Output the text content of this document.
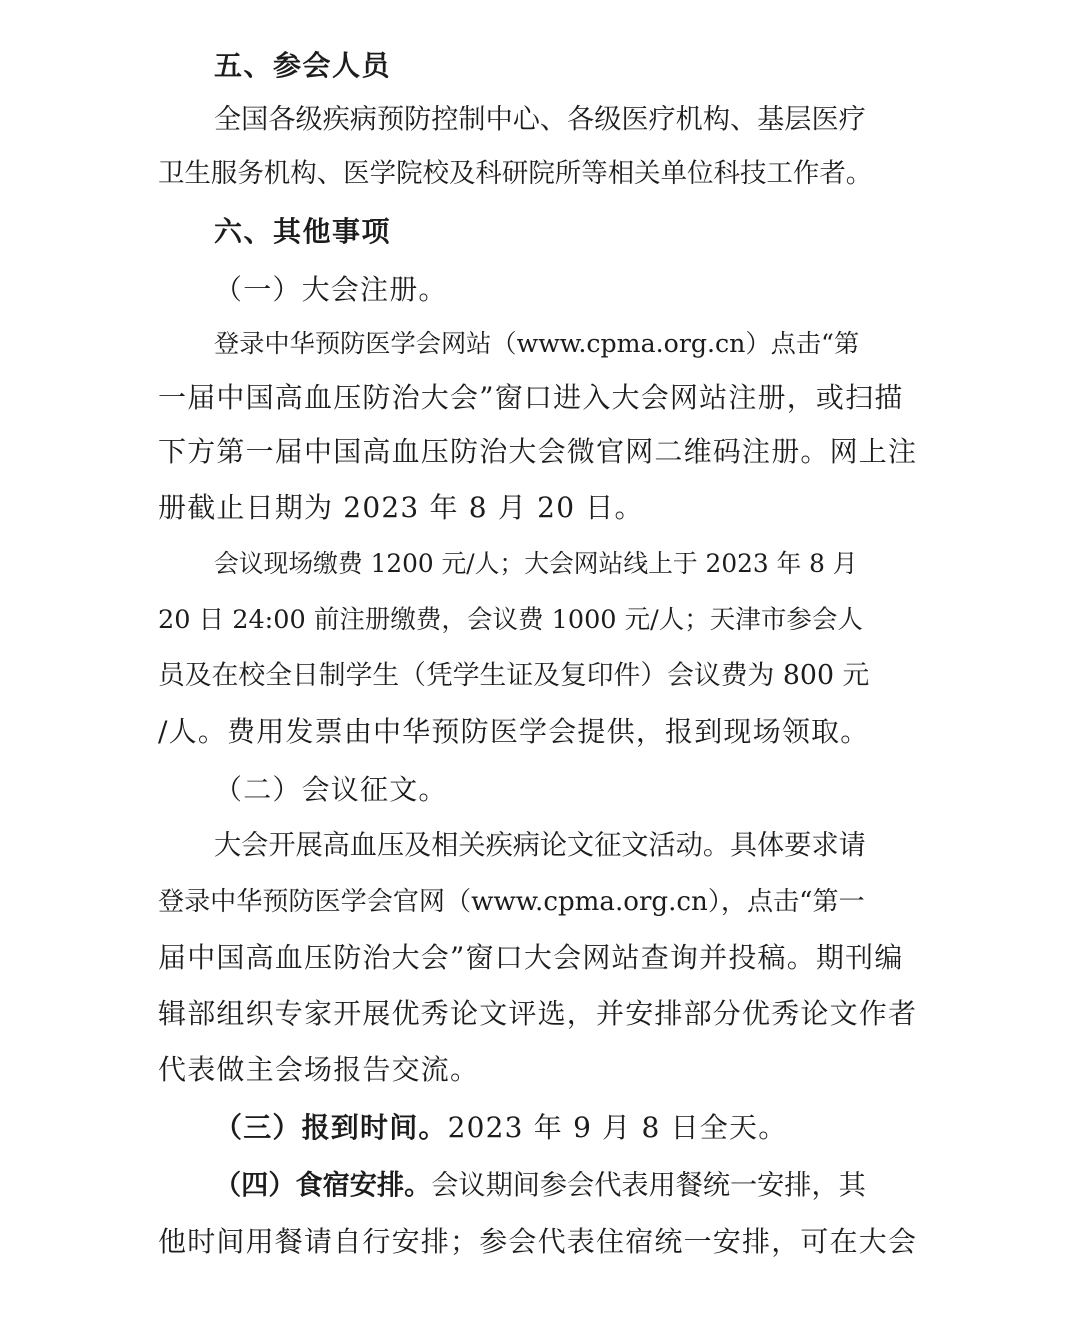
五、参会人员
全国各级疾病预防控制中心、各级医疗机构、基层医疗
卫生服务机构、医学院校及科研院所等相关单位科技工作者。
六、其他事项
（一）大会注册。
登录中华预防医学会网站（www.cpma.org.cn）点击“第
一届中国高血压防治大会”窗口进入大会网站注册，或扫描
下方第一届中国高血压防治大会微官网二维码注册。网上注
册截止日期为 2023 年 8 月 20 日。
会议现场缴费 1200 元/人；大会网站线上于 2023 年 8 月
20 日 24:00 前注册缴费，会议费 1000 元/人；天津市参会人
员及在校全日制学生（凭学生证及复印件）会议费为 800 元
/人。费用发票由中华预防医学会提供，报到现场领取。
（二）会议征文。
大会开展高血压及相关疾病论文征文活动。具体要求请
登录中华预防医学会官网（www.cpma.org.cn），点击“第一
届中国高血压防治大会”窗口大会网站查询并投稿。期刊编
辑部组织专家开展优秀论文评选，并安排部分优秀论文作者
代表做主会场报告交流。
（三）报到时间。2023 年 9 月 8 日全天。
（四）食宿安排。会议期间参会代表用餐统一安排，其
他时间用餐请自行安排；参会代表住宿统一安排，可在大会
